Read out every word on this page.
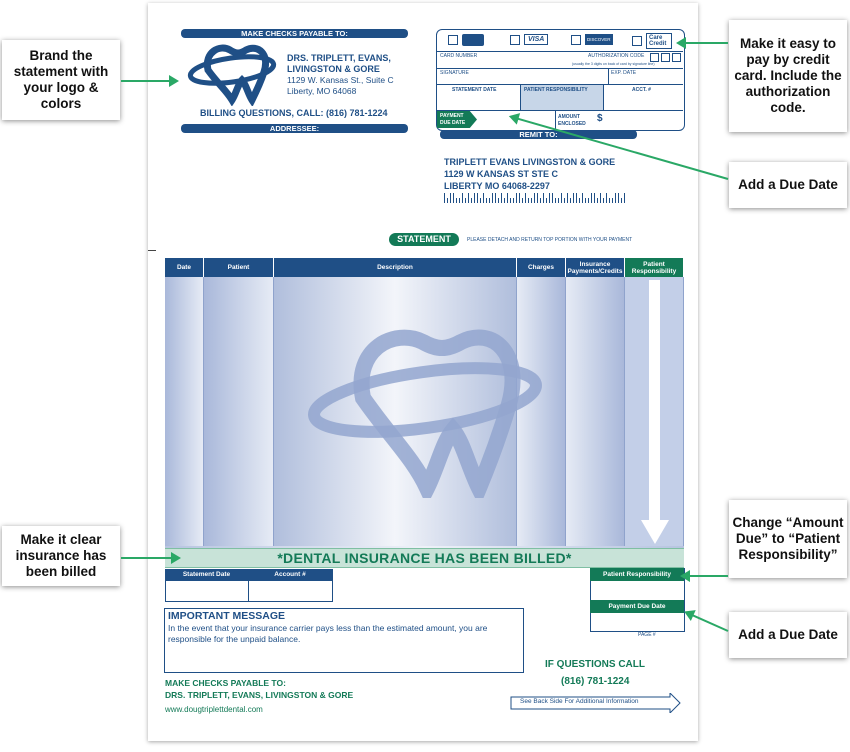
MAKE CHECKS PAYABLE TO:
DRS. TRIPLETT, EVANS,
LIVINGSTON & GORE
1129 W. Kansas St., Suite C
Liberty, MO 64068
BILLING QUESTIONS, CALL: (816) 781-1224
ADDRESSEE:
VISA	DISCOVER	Care Credit
CARD NUMBER	AUTHORIZATION CODE
(usually the 3 digits on back of card by signature line)
SIGNATURE	EXP. DATE
STATEMENT DATE	PATIENT RESPONSIBILITY	ACCT. #
PAYMENT
DUE DATE
AMOUNT
ENCLOSED $
REMIT TO:
TRIPLETT EVANS LIVINGSTON & GORE
1129 W KANSAS ST STE C
LIBERTY MO 64068-2297
STATEMENT	PLEASE DETACH AND RETURN TOP PORTION WITH YOUR PAYMENT
Date	Patient	Description	Charges	Insurance Payments/Credits
Patient Responsibility
*DENTAL INSURANCE HAS BEEN BILLED*
Statement Date	Account #	Patient Responsibility
Payment Due Date
PAGE #
IMPORTANT MESSAGE
In the event that your insurance carrier pays less than the estimated amount, you are responsible for the unpaid balance.
MAKE CHECKS PAYABLE TO:
DRS. TRIPLETT, EVANS, LIVINGSTON & GORE
www.dougtriplettdental.com
IF QUESTIONS CALL
(816) 781-1224
See Back Side For Additional Information
Brand the statement with your logo & colors
Make it easy to pay by credit card. Include the authorization code.
Add a Due Date
Make it clear insurance has been billed
Change “Amount Due” to “Patient Responsibility”
Add a Due Date
